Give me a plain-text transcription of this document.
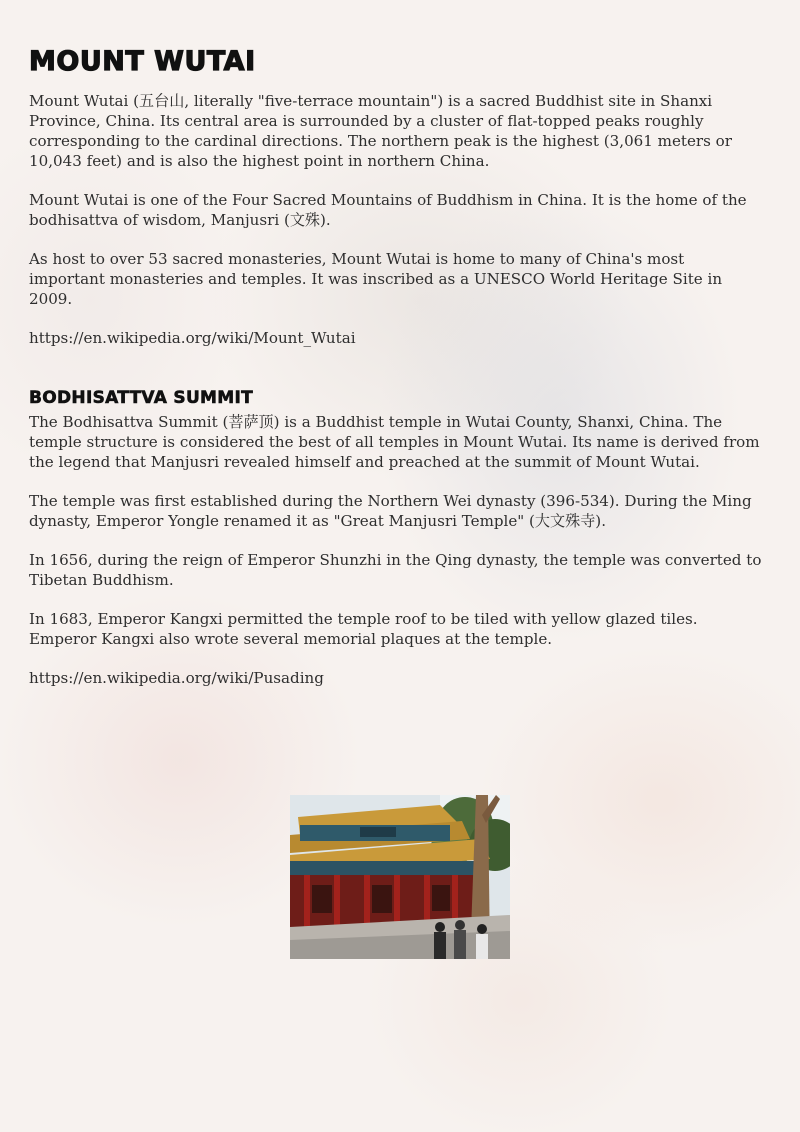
MOUNT WUTAI

Mount Wutai (五台山, literally "five-terrace mountain") is a sacred Buddhist site in Shanxi Province, China. Its central area is surrounded by a cluster of flat-topped peaks roughly corresponding to the cardinal directions. The northern peak is the highest (3,061 meters or 10,043 feet) and is also the highest point in northern China.

Mount Wutai is one of the Four Sacred Mountains of Buddhism in China. It is the home of the bodhisattva of wisdom, Manjusri (文殊).

As host to over 53 sacred monasteries, Mount Wutai is home to many of China's most important monasteries and temples. It was inscribed as a UNESCO World Heritage Site in 2009.

https://en.wikipedia.org/wiki/Mount_Wutai

BODHISATTVA SUMMIT

The Bodhisattva Summit (菩萨顶) is a Buddhist temple in Wutai County, Shanxi, China. The temple structure is considered the best of all temples in Mount Wutai. Its name is derived from the legend that Manjusri revealed himself and preached at the summit of Mount Wutai.

The temple was first established during the Northern Wei dynasty (396-534). During the Ming dynasty, Emperor Yongle renamed it as "Great Manjusri Temple" (大文殊寺).

In 1656, during the reign of Emperor Shunzhi in the Qing dynasty, the temple was converted to Tibetan Buddhism.

In 1683, Emperor Kangxi permitted the temple roof to be tiled with yellow glazed tiles. Emperor Kangxi also wrote several memorial plaques at the temple.

https://en.wikipedia.org/wiki/Pusading
